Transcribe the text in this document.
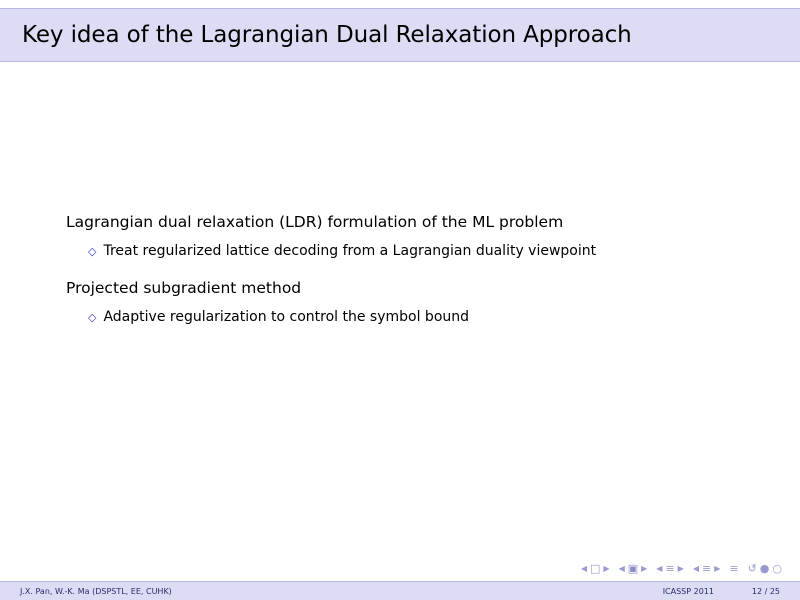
Key idea of the Lagrangian Dual Relaxation Approach
Lagrangian dual relaxation (LDR) formulation of the ML problem
◇ Treat regularized lattice decoding from a Lagrangian duality viewpoint
Projected subgradient method
◇ Adaptive regularization to control the symbol bound
◀ □ ▶ ◀ ▣ ▶ ◀ ≡ ▶ ◀ ≡ ▶ ≡ ↺ ● ○
J.X. Pan, W.-K. Ma (DSPSTL, EE, CUHK)	ICASSP 2011	12 / 25
